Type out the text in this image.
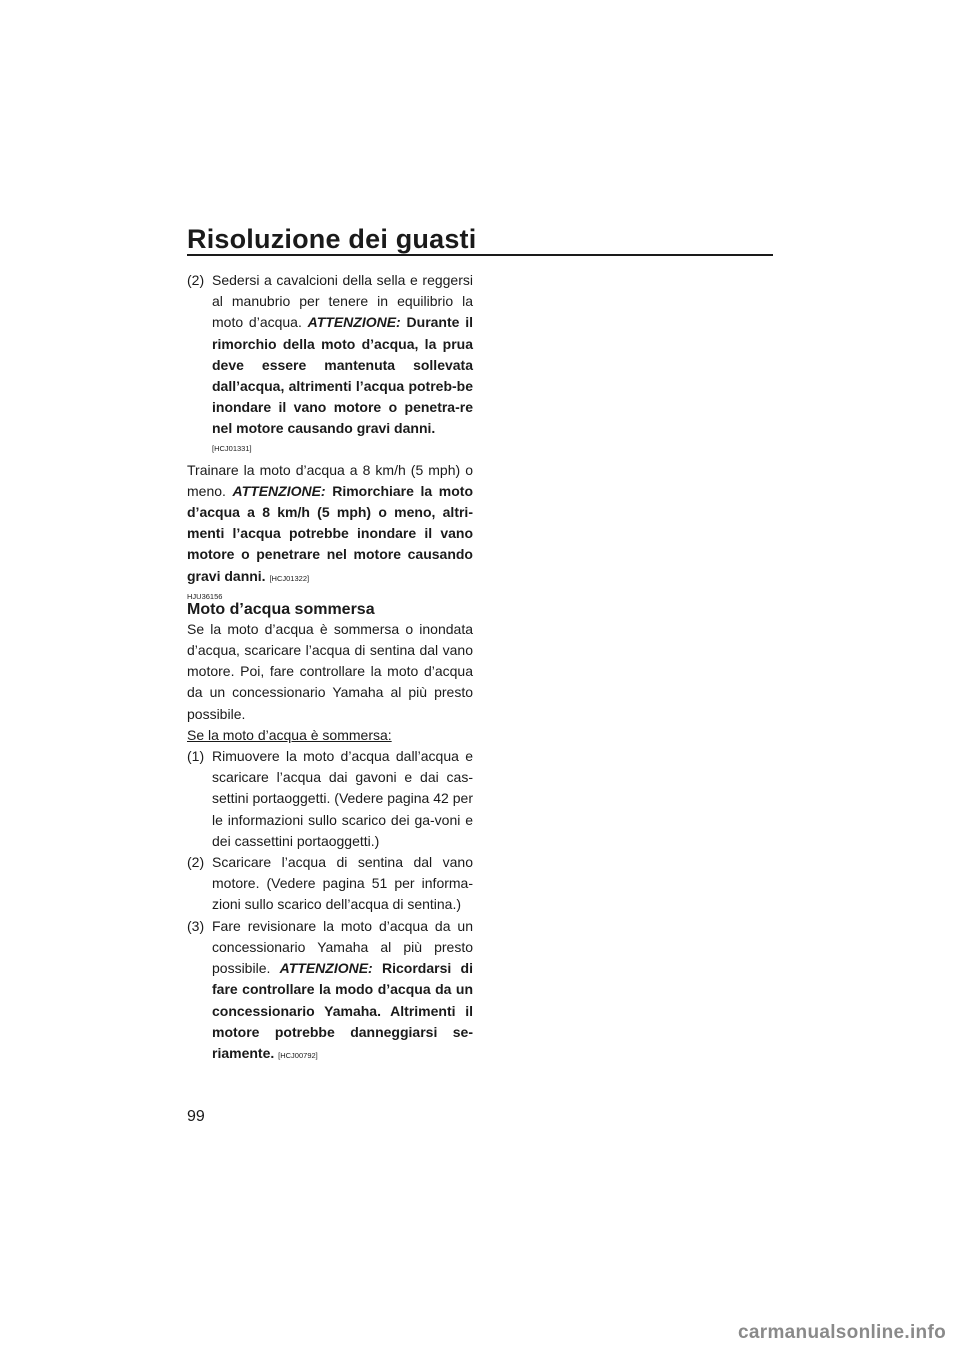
Risoluzione dei guasti

(2) Sedersi a cavalcioni della sella e reggersi al manubrio per tenere in equilibrio la moto d’acqua. ATTENZIONE: Durante il rimorchio della moto d’acqua, la prua deve essere mantenuta sollevata dall’acqua, altrimenti l’acqua potreb-be inondare il vano motore o penetra-re nel motore causando gravi danni.

[HCJ01331]

Trainare la moto d’acqua a 8 km/h (5 mph) o meno. ATTENZIONE: Rimorchiare la moto d’acqua a 8 km/h (5 mph) o meno, altri-menti l’acqua potrebbe inondare il vano motore o penetrare nel motore causando gravi danni. [HCJ01322]

HJU36156

Moto d’acqua sommersa

Se la moto d’acqua è sommersa o inondata d’acqua, scaricare l’acqua di sentina dal vano motore. Poi, fare controllare la moto d’acqua da un concessionario Yamaha al più presto possibile.

Se la moto d’acqua è sommersa:

(1) Rimuovere la moto d’acqua dall’acqua e scaricare l’acqua dai gavoni e dai cas-settini portaoggetti. (Vedere pagina 42 per le informazioni sullo scarico dei ga-voni e dei cassettini portaoggetti.)

(2) Scaricare l’acqua di sentina dal vano motore. (Vedere pagina 51 per informa-zioni sullo scarico dell’acqua di sentina.)

(3) Fare revisionare la moto d’acqua da un concessionario Yamaha al più presto possibile. ATTENZIONE: Ricordarsi di fare controllare la modo d’acqua da un concessionario Yamaha. Altrimenti il motore potrebbe danneggiarsi se-riamente. [HCJ00792]

99
carmanualsonline.info
